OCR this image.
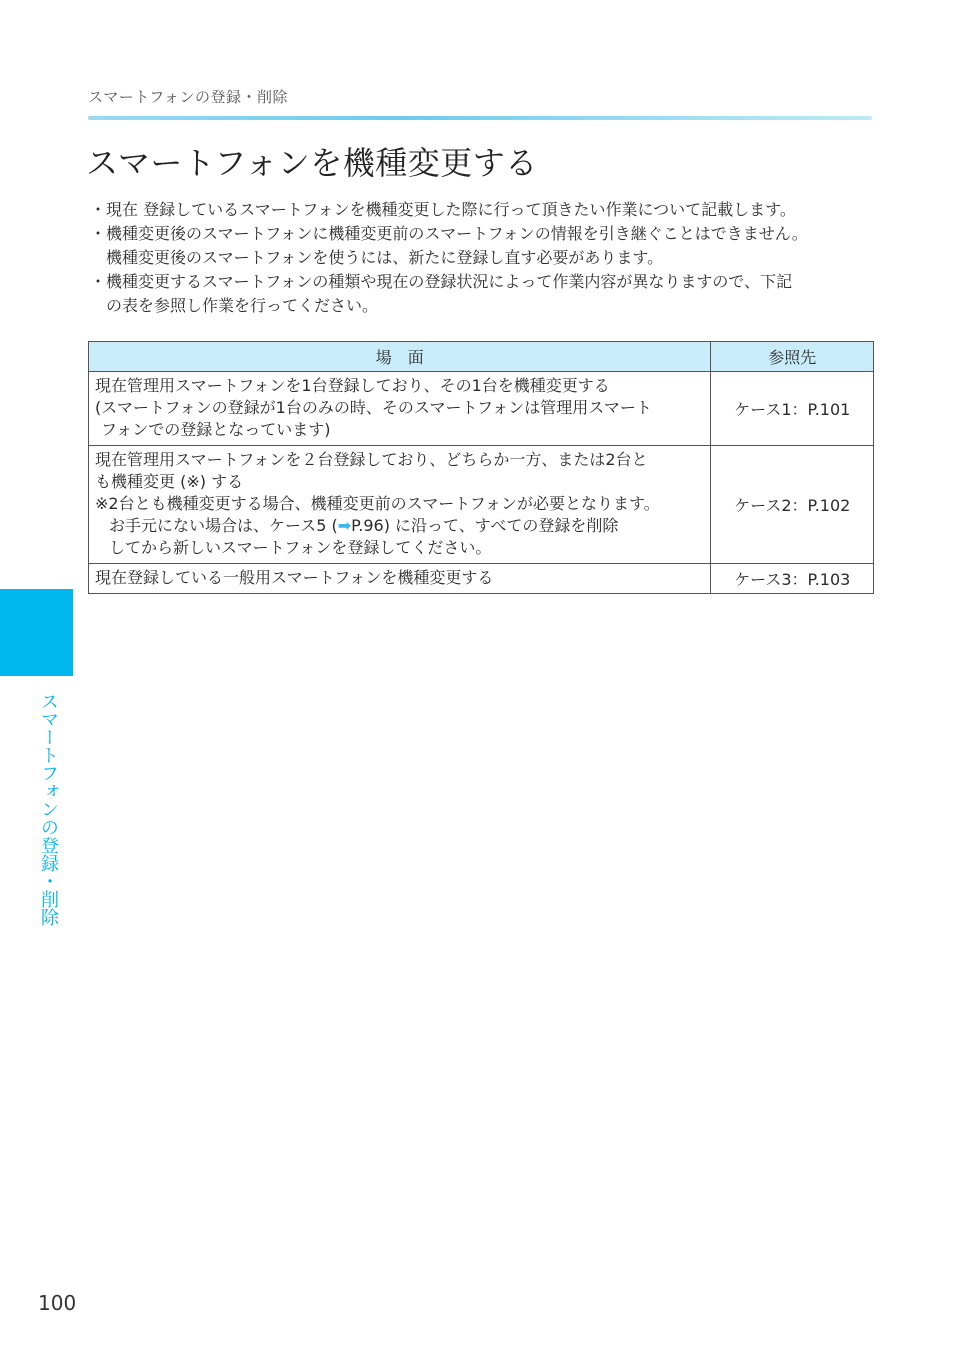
スマートフォンの登録・削除
スマートフォンを機種変更する
・ 現在 登録しているスマートフォンを機種変更した際に行って頂きたい作業について記載します。
・ 機種変更後のスマートフォンに機種変更前のスマートフォンの情報を引き継ぐことはできません。
機種変更後のスマートフォンを使うには、新たに登録し直す必要があります。
・ 機種変更するスマートフォンの種類や現在の登録状況によって作業内容が異なりますので、下記
の表を参照し作業を行ってください。
場　面	参照先

現在管理用スマートフォンを1台登録しており、その1台を機種変更する
(スマートフォンの登録が1台のみの時、そのスマートフォンは管理用スマート
フォンでの登録となっています)	ケース1：P.101

現在管理用スマートフォンを２台登録しており、どちらか一方、または2台と
も機種変更 (※) する
※2台とも機種変更する場合、機種変更前のスマートフォンが必要となります。
お手元にない場合は、ケース5 (➡P.96) に沿って、すべての登録を削除
してから新しいスマートフォンを登録してください。	ケース2：P.102

現在登録している一般用スマートフォンを機種変更する	ケース3：P.103
スマートフォンの登録・削除
100
